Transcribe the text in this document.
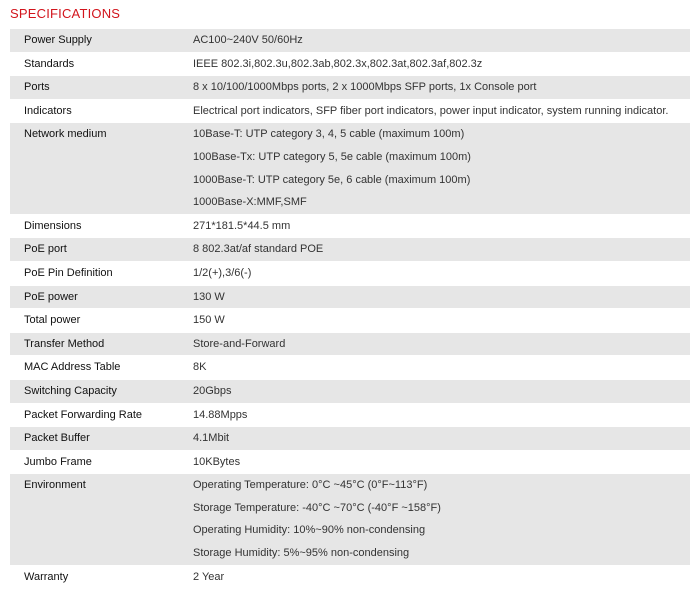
SPECIFICATIONS
Power Supply	AC100~240V 50/60Hz

Standards	IEEE 802.3i,802.3u,802.3ab,802.3x,802.3at,802.3af,802.3z

Ports	8 x 10/100/1000Mbps ports, 2 x 1000Mbps SFP ports, 1x Console port

Indicators	Electrical port indicators, SFP fiber port indicators, power input indicator, system running indicator.

Network medium	10Base-T: UTP category 3, 4, 5 cable (maximum 100m)
100Base-Tx: UTP category 5, 5e cable (maximum 100m)
1000Base-T: UTP category 5e, 6 cable (maximum 100m)
1000Base-X:MMF,SMF

Dimensions	271*181.5*44.5 mm

PoE port	8 802.3at/af standard POE

PoE Pin Definition	1/2(+),3/6(-)

PoE power	130 W

Total power	150 W

Transfer Method	Store-and-Forward

MAC Address Table	8K

Switching Capacity	20Gbps

Packet Forwarding Rate	14.88Mpps

Packet Buffer	4.1Mbit

Jumbo Frame	10KBytes

Environment	Operating Temperature: 0°C ~45°C (0°F~113°F)
Storage Temperature: -40°C ~70°C (-40°F ~158°F)
Operating Humidity: 10%~90% non-condensing
Storage Humidity: 5%~95% non-condensing

Warranty	2 Year
